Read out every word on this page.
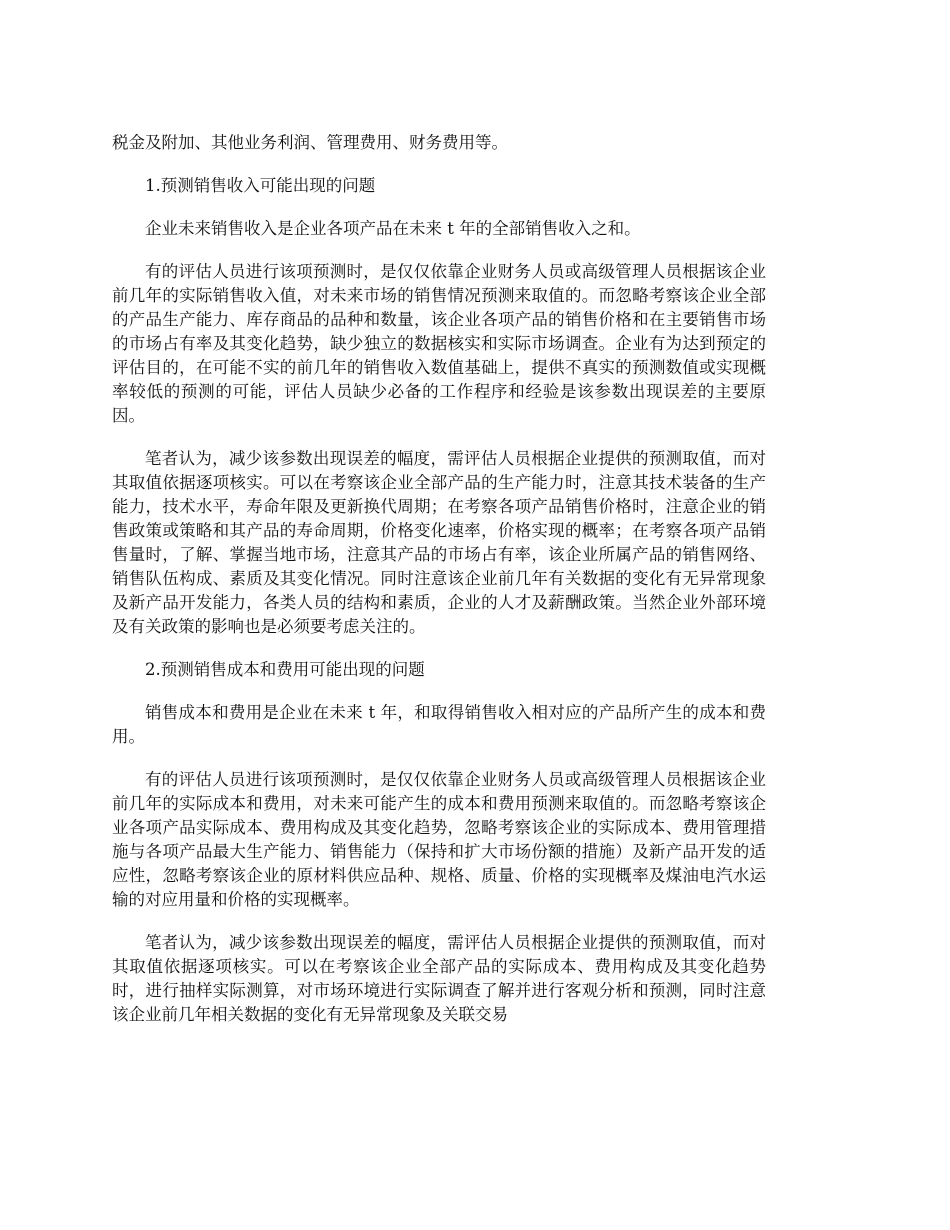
税金及附加、其他业务利润、管理费用、财务费用等。

1.预测销售收入可能出现的问题

企业未来销售收入是企业各项产品在未来 t 年的全部销售收入之和。

有的评估人员进行该项预测时，是仅仅依靠企业财务人员或高级管理人员根据该企业前几年的实际销售收入值，对未来市场的销售情况预测来取值的。而忽略考察该企业全部的产品生产能力、库存商品的品种和数量，该企业各项产品的销售价格和在主要销售市场的市场占有率及其变化趋势，缺少独立的数据核实和实际市场调查。企业有为达到预定的评估目的，在可能不实的前几年的销售收入数值基础上，提供不真实的预测数值或实现概率较低的预测的可能，评估人员缺少必备的工作程序和经验是该参数出现误差的主要原因。

笔者认为，减少该参数出现误差的幅度，需评估人员根据企业提供的预测取值，而对其取值依据逐项核实。可以在考察该企业全部产品的生产能力时，注意其技术装备的生产能力，技术水平，寿命年限及更新换代周期；在考察各项产品销售价格时，注意企业的销售政策或策略和其产品的寿命周期，价格变化速率，价格实现的概率；在考察各项产品销售量时，了解、掌握当地市场，注意其产品的市场占有率，该企业所属产品的销售网络、销售队伍构成、素质及其变化情况。同时注意该企业前几年有关数据的变化有无异常现象及新产品开发能力，各类人员的结构和素质，企业的人才及薪酬政策。当然企业外部环境及有关政策的影响也是必须要考虑关注的。

2.预测销售成本和费用可能出现的问题

销售成本和费用是企业在未来 t 年，和取得销售收入相对应的产品所产生的成本和费用。

有的评估人员进行该项预测时，是仅仅依靠企业财务人员或高级管理人员根据该企业前几年的实际成本和费用，对未来可能产生的成本和费用预测来取值的。而忽略考察该企业各项产品实际成本、费用构成及其变化趋势，忽略考察该企业的实际成本、费用管理措施与各项产品最大生产能力、销售能力（保持和扩大市场份额的措施）及新产品开发的适应性，忽略考察该企业的原材料供应品种、规格、质量、价格的实现概率及煤油电汽水运输的对应用量和价格的实现概率。

笔者认为，减少该参数出现误差的幅度，需评估人员根据企业提供的预测取值，而对其取值依据逐项核实。可以在考察该企业全部产品的实际成本、费用构成及其变化趋势时，进行抽样实际测算，对市场环境进行实际调查了解并进行客观分析和预测，同时注意该企业前几年相关数据的变化有无异常现象及关联交易
